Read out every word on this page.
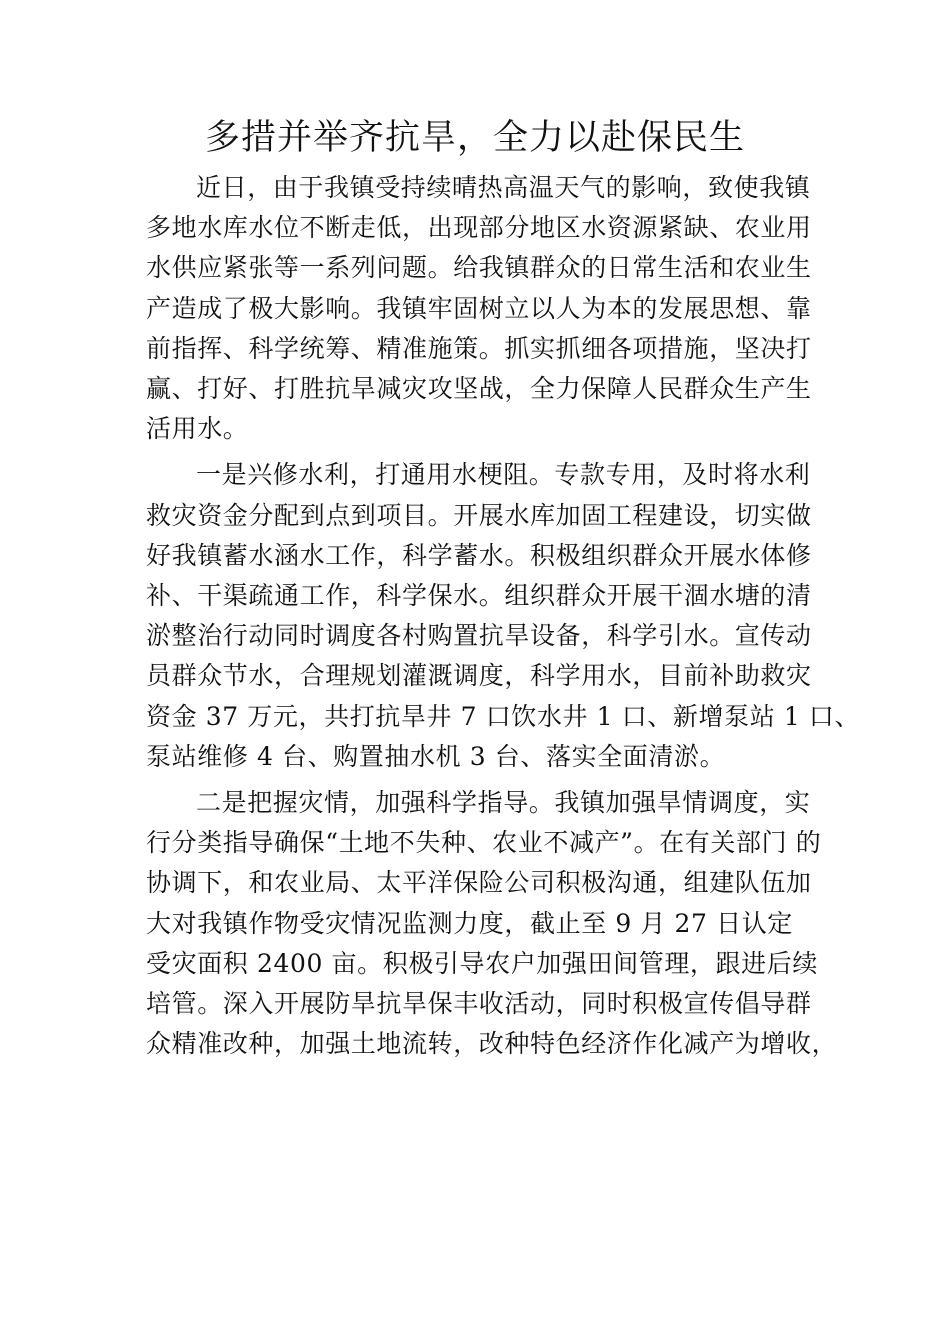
多措并举齐抗旱，全力以赴保民生
近日，由于我镇受持续晴热高温天气的影响，致使我镇
多地水库水位不断走低，出现部分地区水资源紧缺、农业用
水供应紧张等一系列问题。给我镇群众的日常生活和农业生
产造成了极大影响。我镇牢固树立以人为本的发展思想、靠
前指挥、科学统筹、精准施策。抓实抓细各项措施，坚决打
赢、打好、打胜抗旱减灾攻坚战，全力保障人民群众生产生
活用水。
一是兴修水利，打通用水梗阻。专款专用，及时将水利
救灾资金分配到点到项目。开展水库加固工程建设，切实做
好我镇蓄水涵水工作，科学蓄水。积极组织群众开展水体修
补、干渠疏通工作，科学保水。组织群众开展干涸水塘的清
淤整治行动同时调度各村购置抗旱设备，科学引水。宣传动
员群众节水，合理规划灌溉调度，科学用水，目前补助救灾
资金 37 万元，共打抗旱井 7 口饮水井 1 口、新增泵站 1 口、
泵站维修 4 台、购置抽水机 3 台、落实全面清淤。
二是把握灾情，加强科学指导。我镇加强旱情调度，实
行分类指导确保“土地不失种、农业不减产”。在有关部门 的
协调下，和农业局、太平洋保险公司积极沟通，组建队伍加
大对我镇作物受灾情况监测力度，截止至 9 月 27 日认定
受灾面积 2400 亩。积极引导农户加强田间管理，跟进后续
培管。深入开展防旱抗旱保丰收活动，同时积极宣传倡导群
众精准改种，加强土地流转，改种特色经济作化减产为增收，
